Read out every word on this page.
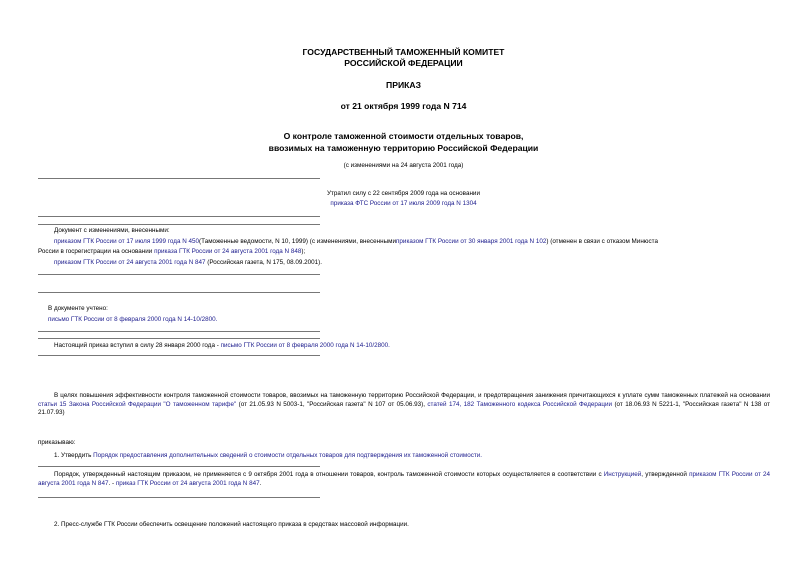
ГОСУДАРСТВЕННЫЙ ТАМОЖЕННЫЙ КОМИТЕТ
РОССИЙСКОЙ ФЕДЕРАЦИИ
ПРИКАЗ
от 21 октября 1999 года N 714
О контроле таможенной стоимости отдельных товаров,
ввозимых на таможенную территорию Российской Федерации
(с изменениями на 24 августа 2001 года)
Утратил силу с 22 сентября 2009 года на основании
приказа ФТС России от 17 июля 2009 года N 1304
Документ с изменениями, внесенными:
приказом ГТК России от 17 июля 1999 года N 450(Таможенные ведомости, N 10, 1999) (с изменениями, внесеннымиприказом ГТК России от 30 января 2001 года N 102) (отменен в связи с отказом Минюста
России в госрегистрации на основании приказа ГТК России от 24 августа 2001 года N 848);
приказом ГТК России от 24 августа 2001 года N 847 (Российская газета, N 175, 08.09.2001).
В документе учтено:
письмо ГТК России от 8 февраля 2000 года N 14-10/2800.
Настоящий приказ вступил в силу 28 января 2000 года - письмо ГТК России от 8 февраля 2000 года N 14-10/2800.
В целях повышения эффективности контроля таможенной стоимости товаров, ввозимых на таможенную территорию Российской Федерации, и предотвращения занижения причитающихся к уплате сумм таможенных платежей на основании статьи 15 Закона Российской Федерации "О таможенном тарифе" (от 21.05.93 N 5003-1, "Российская газета" N 107 от 05.06.93), статей 174, 182 Таможенного кодекса Российской Федерации (от 18.06.93 N 5221-1, "Российская газета" N 138 от 21.07.93)
приказываю:
1. Утвердить Порядок предоставления дополнительных сведений о стоимости отдельных товаров для подтверждения их таможенной стоимости.
Порядок, утвержденный настоящим приказом, не применяется с 9 октября 2001 года в отношении товаров, контроль таможенной стоимости которых осуществляется в соответствии с Инструкцией, утвержденной приказом ГТК России от 24 августа 2001 года N 847. - приказ ГТК России от 24 августа 2001 года N 847.
2. Пресс-службе ГТК России обеспечить освещение положений настоящего приказа в средствах массовой информации.
